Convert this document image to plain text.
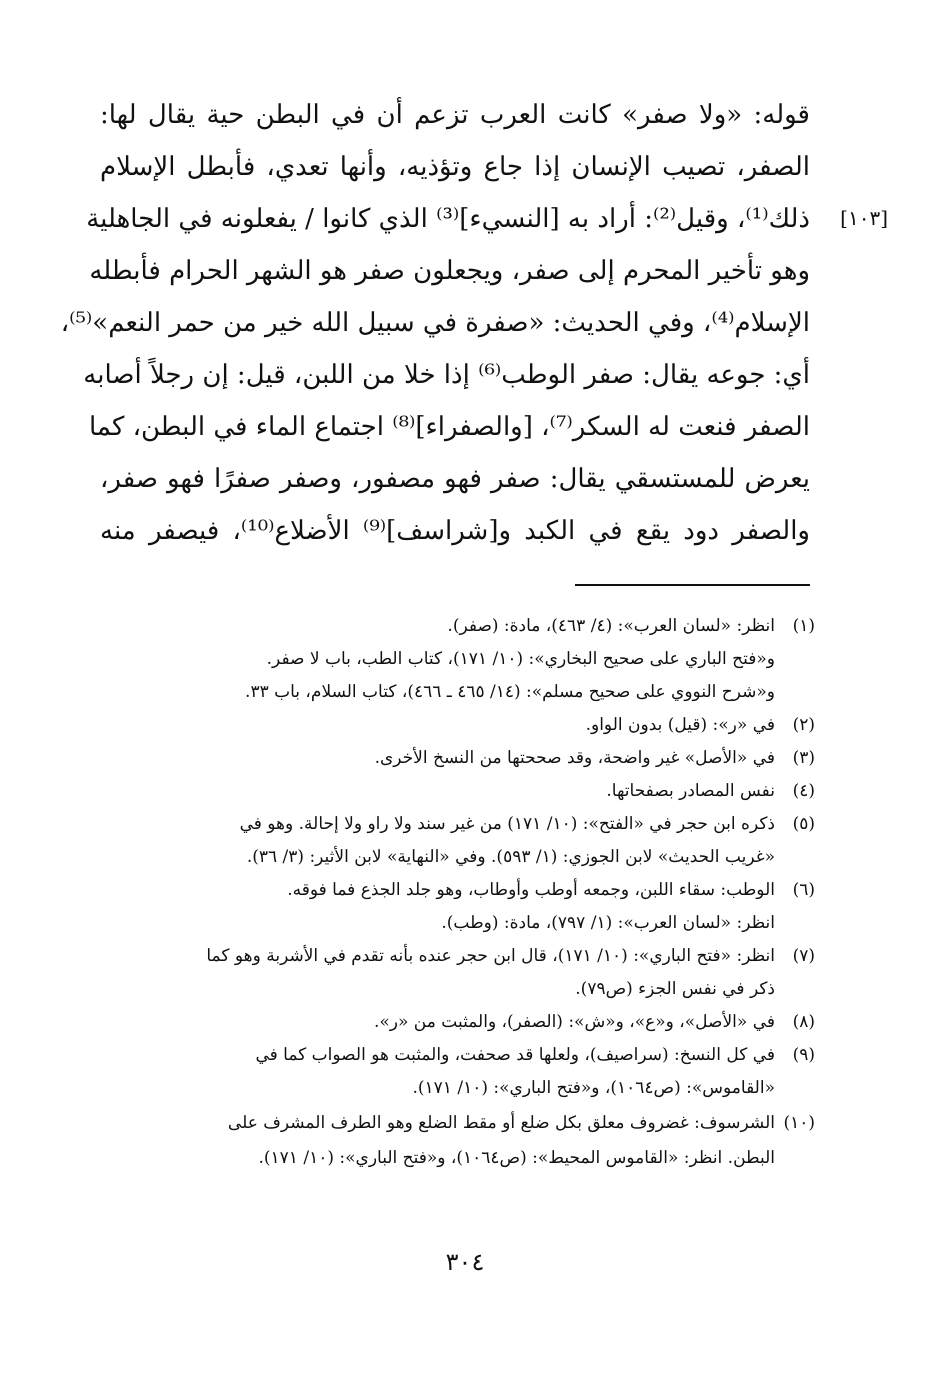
قوله: «ولا صفر» كانت العرب تزعم أن في البطن حية يقال لها:
الصفر، تصيب الإنسان إذا جاع وتؤذيه، وأنها تعدي، فأبطل الإسلام
ذلك⁽¹⁾، وقيل⁽²⁾: أراد به [النسيء]⁽³⁾ الذي كانوا / يفعلونه في الجاهلية
وهو تأخير المحرم إلى صفر، ويجعلون صفر هو الشهر الحرام فأبطله
الإسلام⁽⁴⁾، وفي الحديث: «صفرة في سبيل الله خير من حمر النعم»⁽⁵⁾،
أي: جوعه يقال: صفر الوطب⁽⁶⁾ إذا خلا من اللبن، قيل: إن رجلاً أصابه
الصفر فنعت له السكر⁽⁷⁾، [والصفراء]⁽⁸⁾ اجتماع الماء في البطن، كما
يعرض للمستسقي يقال: صفر فهو مصفور، وصفر صفرًا فهو صفر،
والصفر دود يقع في الكبد و[شراسف]⁽⁹⁾ الأضلاع⁽¹⁰⁾، فيصفر منه
[١٠٣]
(١)انظر: «لسان العرب»: (٤/ ٤٦٣)، مادة: (صفر).
و«فتح الباري على صحيح البخاري»: (١٠/ ١٧١)، كتاب الطب، باب لا صفر.
و«شرح النووي على صحيح مسلم»: (١٤/ ٤٦٥ ـ ٤٦٦)، كتاب السلام، باب ٣٣.
(٢)في «ر»: (قيل) بدون الواو.
(٣)في «الأصل» غير واضحة، وقد صححتها من النسخ الأخرى.
(٤)نفس المصادر بصفحاتها.
(٥)ذكره ابن حجر في «الفتح»: (١٠/ ١٧١) من غير سند ولا راو ولا إحالة. وهو في
«غريب الحديث» لابن الجوزي: (١/ ٥٩٣). وفي «النهاية» لابن الأثير: (٣/ ٣٦).
(٦)الوطب: سقاء اللبن، وجمعه أوطب وأوطاب، وهو جلد الجذع فما فوقه.
انظر: «لسان العرب»: (١/ ٧٩٧)، مادة: (وطب).
(٧)انظر: «فتح الباري»: (١٠/ ١٧١)، قال ابن حجر عنده بأنه تقدم في الأشربة وهو كما
ذكر في نفس الجزء (ص٧٩).
(٨)في «الأصل»، و«ع»، و«ش»: (الصفر)، والمثبت من «ر».
(٩)في كل النسخ: (سراصيف)، ولعلها قد صحفت، والمثبت هو الصواب كما في
«القاموس»: (ص١٠٦٤)، و«فتح الباري»: (١٠/ ١٧١).
(١٠)الشرسوف: غضروف معلق بكل ضلع أو مقط الضلع وهو الطرف المشرف على
البطن. انظر: «القاموس المحيط»: (ص١٠٦٤)، و«فتح الباري»: (١٠/ ١٧١).
٣٠٤
